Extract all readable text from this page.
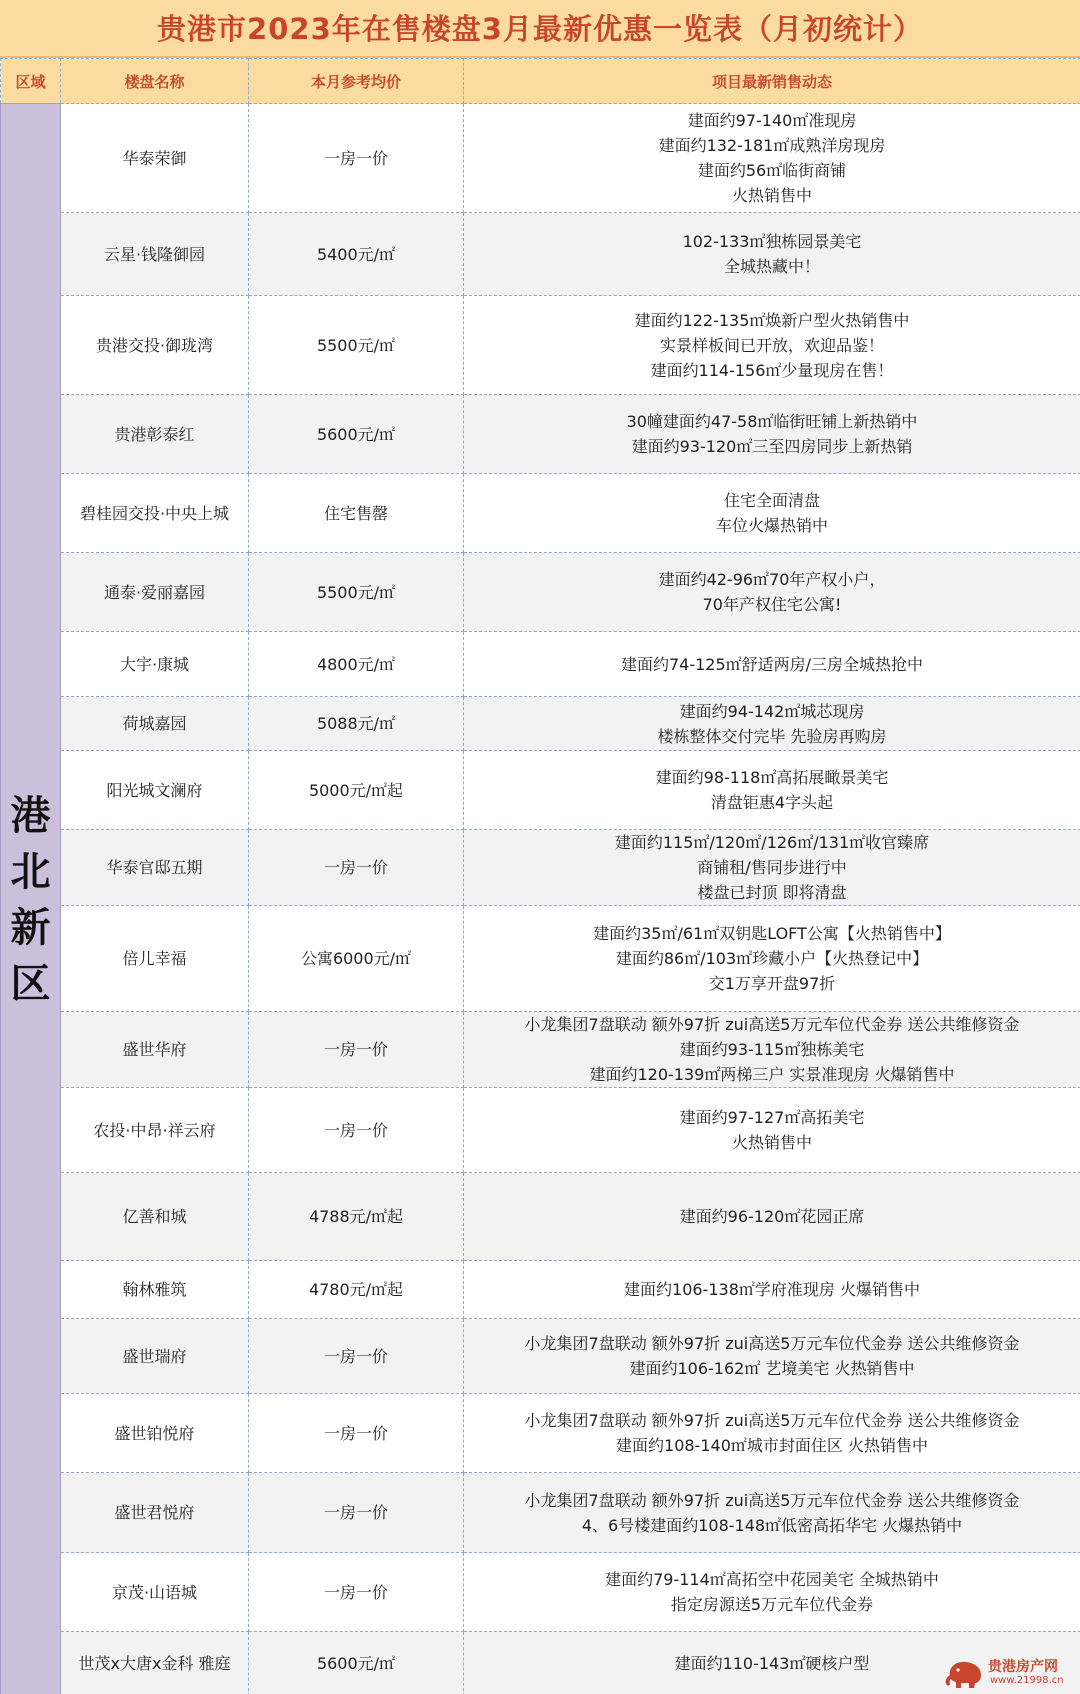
贵港市2023年在售楼盘3月最新优惠一览表（月初统计）
区域	楼盘名称	本月参考均价	项目最新销售动态

港北新区	华泰荣御	一房一价	建面约97-140㎡准现房
建面约132-181㎡成熟洋房现房
建面约56㎡临街商铺
火热销售中

	云星·钱隆御园	5400元/㎡	102-133㎡独栋园景美宅
全城热藏中！

	贵港交投·御珑湾	5500元/㎡	建面约122-135㎡焕新户型火热销售中
实景样板间已开放，欢迎品鉴！
建面约114-156㎡少量现房在售！

	贵港彰泰红	5600元/㎡	30幢建面约47-58㎡临街旺铺上新热销中
建面约93-120㎡三至四房同步上新热销

	碧桂园交投·中央上城	住宅售罄	住宅全面清盘
车位火爆热销中

	通泰·爱丽嘉园	5500元/㎡	建面约42-96㎡70年产权小户，
70年产权住宅公寓!

	大宇·康城	4800元/㎡	建面约74-125㎡舒适两房/三房全城热抢中

	荷城嘉园	5088元/㎡	建面约94-142㎡城芯现房
楼栋整体交付完毕 先验房再购房

	阳光城文澜府	5000元/㎡起	建面约98-118㎡高拓展瞰景美宅
清盘钜惠4字头起

	华泰官邸五期	一房一价	建面约115㎡/120㎡/126㎡/131㎡收官臻席
商铺租/售同步进行中
楼盘已封顶 即将清盘

	倍儿幸福	公寓6000元/㎡	建面约35㎡/61㎡双钥匙LOFT公寓【火热销售中】
建面约86㎡/103㎡珍藏小户【火热登记中】
交1万享开盘97折

	盛世华府	一房一价	小龙集团7盘联动 额外97折 zui高送5万元车位代金券 送公共维修资金
建面约93-115㎡独栋美宅
建面约120-139㎡两梯三户 实景准现房 火爆销售中

	农投·中昂·祥云府	一房一价	建面约97-127㎡高拓美宅
火热销售中

	亿善和城	4788元/㎡起	建面约96-120㎡花园正席

	翰林雅筑	4780元/㎡起	建面约106-138㎡学府准现房 火爆销售中

	盛世瑞府	一房一价	小龙集团7盘联动 额外97折 zui高送5万元车位代金券 送公共维修资金
建面约106-162㎡ 艺境美宅 火热销售中

	盛世铂悦府	一房一价	小龙集团7盘联动 额外97折 zui高送5万元车位代金券 送公共维修资金
建面约108-140㎡城市封面住区 火热销售中

	盛世君悦府	一房一价	小龙集团7盘联动 额外97折 zui高送5万元车位代金券 送公共维修资金
4、6号楼建面约108-148㎡低密高拓华宅 火爆热销中

	京茂·山语城	一房一价	建面约79-114㎡高拓空中花园美宅 全城热销中
指定房源送5万元车位代金券

	世茂x大唐x金科 雅庭	5600元/㎡	建面约110-143㎡硬核户型	贵港房产网
www.21998.cn
